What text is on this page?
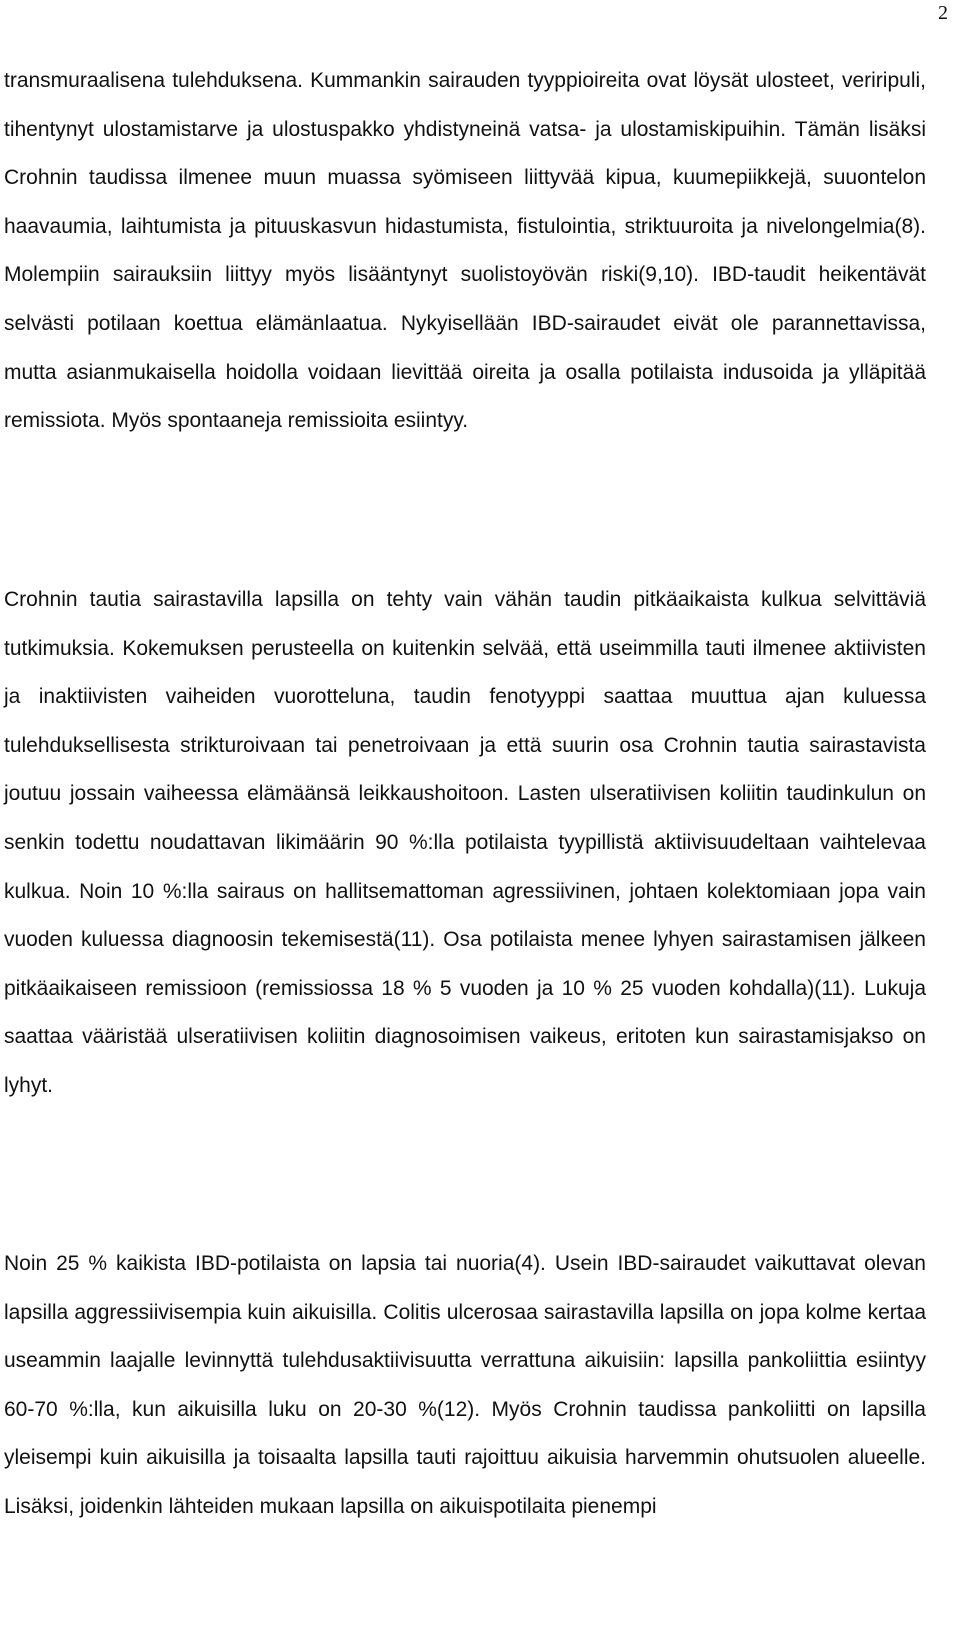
2

transmuraalisena tulehduksena. Kummankin sairauden tyyppioireita ovat löysät ulosteet, veriripuli, tihentynyt ulostamistarve ja ulostuspakko yhdistyneinä vatsa- ja ulostamiskipuihin. Tämän lisäksi Crohnin taudissa ilmenee muun muassa syömiseen liittyvää kipua, kuumepiikkejä, suuontelon haavaumia, laihtumista ja pituuskasvun hidastumista, fistulointia, striktuuroita ja nivelongelmia(8). Molempiin sairauksiin liittyy myös lisääntynyt suolistoyövän riski(9,10). IBD-taudit heikentävät selvästi potilaan koettua elämänlaatua. Nykyisellään IBD-sairaudet eivät ole parannettavissa, mutta asianmukaisella hoidolla voidaan lievittää oireita ja osalla potilaista indusoida ja ylläpitää remissiota. Myös spontaaneja remissioita esiintyy.

Crohnin tautia sairastavilla lapsilla on tehty vain vähän taudin pitkäaikaista kulkua selvittäviä tutkimuksia. Kokemuksen perusteella on kuitenkin selvää, että useimmilla tauti ilmenee aktiivisten ja inaktiivisten vaiheiden vuorotteluna, taudin fenotyyppi saattaa muuttua ajan kuluessa tulehduksellisesta strikturoivaan tai penetroivaan ja että suurin osa Crohnin tautia sairastavista joutuu jossain vaiheessa elämäänsä leikkaushoitoon. Lasten ulseratiivisen koliitin taudinkulun on senkin todettu noudattavan likimäärin 90 %:lla potilaista tyypillistä aktiivisuudeltaan vaihtelevaa kulkua. Noin 10 %:lla sairaus on hallitsemattoman agressiivinen, johtaen kolektomiaan jopa vain vuoden kuluessa diagnoosin tekemisestä(11). Osa potilaista menee lyhyen sairastamisen jälkeen pitkäaikaiseen remissioon (remissiossa 18 % 5 vuoden ja 10 % 25 vuoden kohdalla)(11). Lukuja saattaa vääristää ulseratiivisen koliitin diagnosoimisen vaikeus, eritoten kun sairastamisjakso on lyhyt.

Noin 25 % kaikista IBD-potilaista on lapsia tai nuoria(4). Usein IBD-sairaudet vaikuttavat olevan lapsilla aggressiivisempia kuin aikuisilla. Colitis ulcerosaa sairastavilla lapsilla on jopa kolme kertaa useammin laajalle levinnyttä tulehdusaktiivisuutta verrattuna aikuisiin: lapsilla pankoliittia esiintyy 60-70 %:lla, kun aikuisilla luku on 20-30 %(12). Myös Crohnin taudissa pankoliitti on lapsilla yleisempi kuin aikuisilla ja toisaalta lapsilla tauti rajoittuu aikuisia harvemmin ohutsuolen alueelle. Lisäksi, joidenkin lähteiden mukaan lapsilla on aikuispotilaita pienempi
